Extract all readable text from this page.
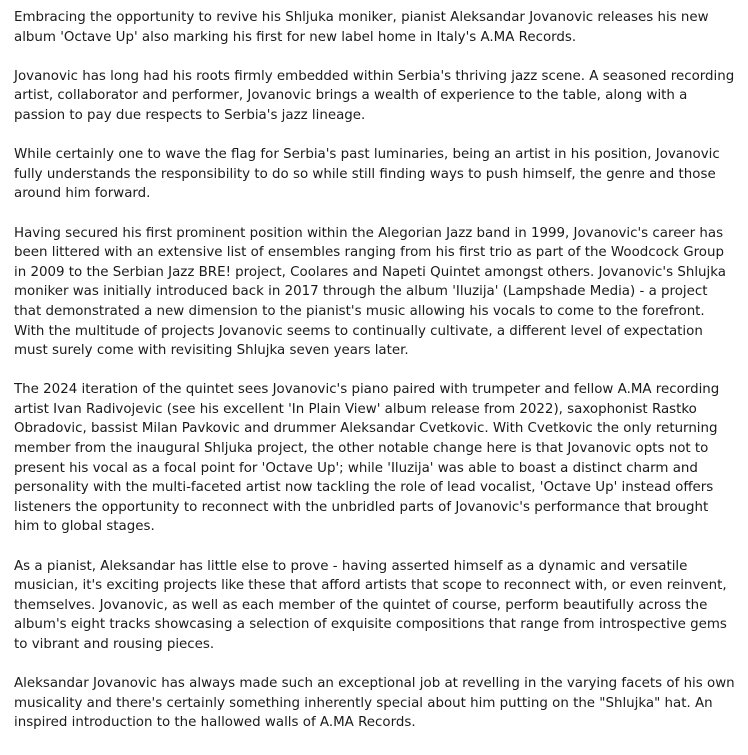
Embracing the opportunity to revive his Shljuka moniker, pianist Aleksandar Jovanovic releases his new album 'Octave Up' also marking his first for new label home in Italy's A.MA Records.

Jovanovic has long had his roots firmly embedded within Serbia's thriving jazz scene. A seasoned recording artist, collaborator and performer, Jovanovic brings a wealth of experience to the table, along with a passion to pay due respects to Serbia's jazz lineage.

While certainly one to wave the flag for Serbia's past luminaries, being an artist in his position, Jovanovic fully understands the responsibility to do so while still finding ways to push himself, the genre and those around him forward.

Having secured his first prominent position within the Alegorian Jazz band in 1999, Jovanovic's career has been littered with an extensive list of ensembles ranging from his first trio as part of the Woodcock Group in 2009 to the Serbian Jazz BRE! project, Coolares and Napeti Quintet amongst others. Jovanovic's Shlujka moniker was initially introduced back in 2017 through the album 'Iluzija' (Lampshade Media) - a project that demonstrated a new dimension to the pianist's music allowing his vocals to come to the forefront. With the multitude of projects Jovanovic seems to continually cultivate, a different level of expectation must surely come with revisiting Shlujka seven years later.

The 2024 iteration of the quintet sees Jovanovic's piano paired with trumpeter and fellow A.MA recording artist Ivan Radivojevic (see his excellent 'In Plain View' album release from 2022), saxophonist Rastko Obradovic, bassist Milan Pavkovic and drummer Aleksandar Cvetkovic. With Cvetkovic the only returning member from the inaugural Shljuka project, the other notable change here is that Jovanovic opts not to present his vocal as a focal point for 'Octave Up'; while 'Iluzija' was able to boast a distinct charm and personality with the multi-faceted artist now tackling the role of lead vocalist, 'Octave Up' instead offers listeners the opportunity to reconnect with the unbridled parts of Jovanovic's performance that brought him to global stages.

As a pianist, Aleksandar has little else to prove - having asserted himself as a dynamic and versatile musician, it's exciting projects like these that afford artists that scope to reconnect with, or even reinvent, themselves. Jovanovic, as well as each member of the quintet of course, perform beautifully across the album's eight tracks showcasing a selection of exquisite compositions that range from introspective gems to vibrant and rousing pieces.

Aleksandar Jovanovic has always made such an exceptional job at revelling in the varying facets of his own musicality and there's certainly something inherently special about him putting on the "Shlujka" hat. An inspired introduction to the hallowed walls of A.MA Records.
